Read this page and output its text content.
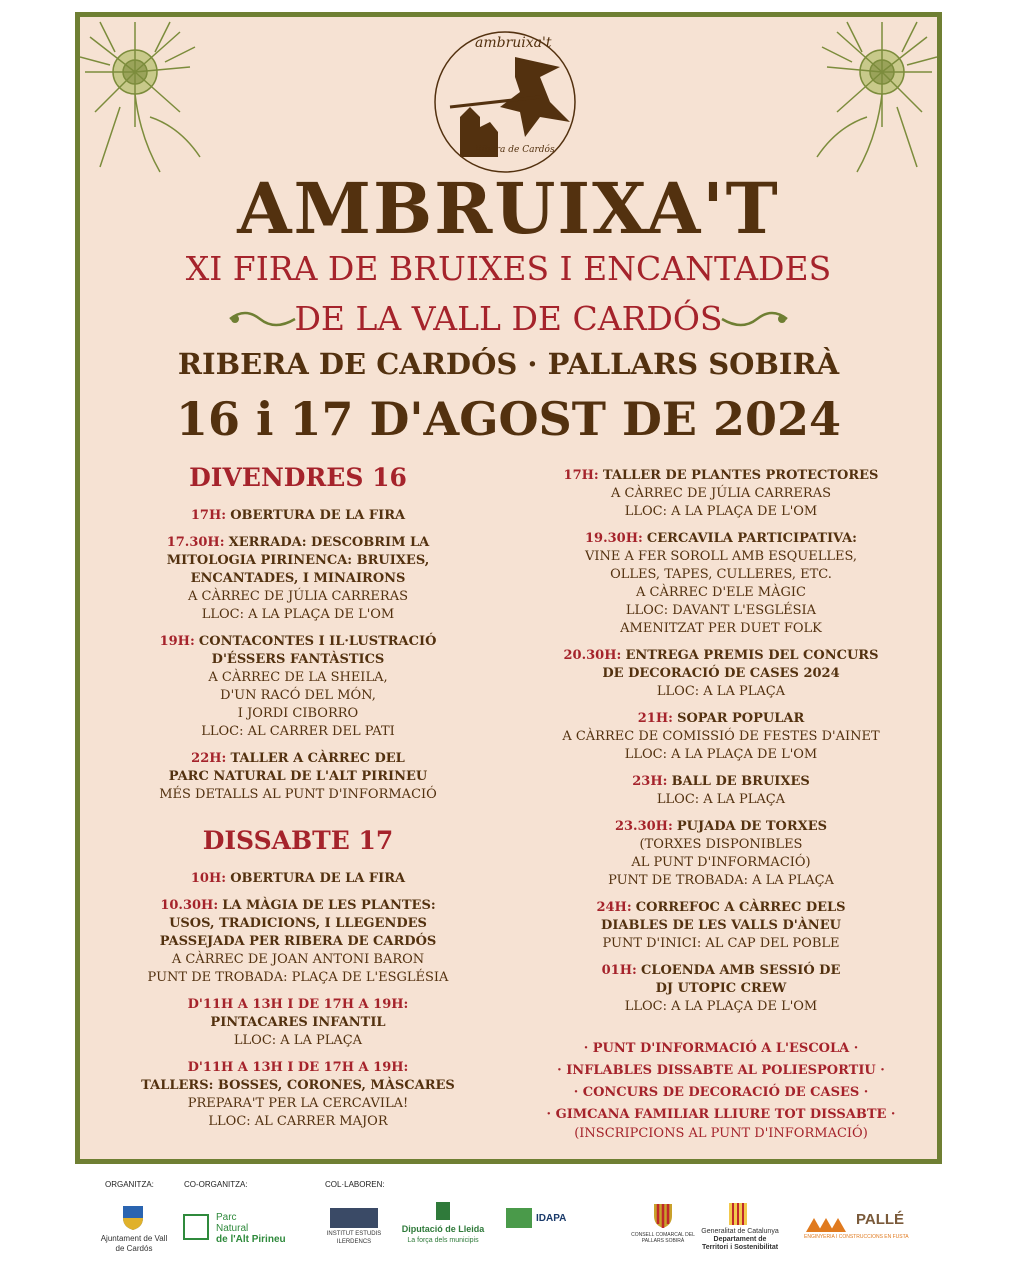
ambruixa't
Ribera de Cardós
AMBRUIXA'T
XI FIRA DE BRUIXES I ENCANTADES
DE LA VALL DE CARDÓS
RIBERA DE CARDÓS · PALLARS SOBIRÀ
16 i 17 D'AGOST DE 2024
DIVENDRES 16
17H: OBERTURA DE LA FIRA
17.30H: XERRADA: DESCOBRIM LA
MITOLOGIA PIRINENCA: BRUIXES,
ENCANTADES, I MINAIRONS
A CÀRREC DE JÚLIA CARRERAS
LLOC: A LA PLAÇA DE L'OM
19H: CONTACONTES I IL·LUSTRACIÓ
D'ÉSSERS FANTÀSTICS
A CÀRREC DE LA SHEILA,
D'UN RACÓ DEL MÓN,
I JORDI CIBORRO
LLOC: AL CARRER DEL PATI
22H: TALLER A CÀRREC DEL
PARC NATURAL DE L'ALT PIRINEU
MÉS DETALLS AL PUNT D'INFORMACIÓ
DISSABTE 17
10H: OBERTURA DE LA FIRA
10.30H: LA MÀGIA DE LES PLANTES:
USOS, TRADICIONS, I LLEGENDES
PASSEJADA PER RIBERA DE CARDÓS
A CÀRREC DE JOAN ANTONI BARON
PUNT DE TROBADA: PLAÇA DE L'ESGLÉSIA
D'11H A 13H I DE 17H A 19H:
PINTACARES INFANTIL
LLOC: A LA PLAÇA
D'11H A 13H I DE 17H A 19H:
TALLERS: BOSSES, CORONES, MÀSCARES
PREPARA'T PER LA CERCAVILA!
LLOC: AL CARRER MAJOR
17H: TALLER DE PLANTES PROTECTORES
A CÀRREC DE JÚLIA CARRERAS
LLOC: A LA PLAÇA DE L'OM
19.30H: CERCAVILA PARTICIPATIVA:
VINE A FER SOROLL AMB ESQUELLES,
OLLES, TAPES, CULLERES, ETC.
A CÀRREC D'ELE MÀGIC
LLOC: DAVANT L'ESGLÉSIA
AMENITZAT PER DUET FOLK
20.30H: ENTREGA PREMIS DEL CONCURS
DE DECORACIÓ DE CASES 2024
LLOC: A LA PLAÇA
21H: SOPAR POPULAR
A CÀRREC DE COMISSIÓ DE FESTES D'AINET
LLOC: A LA PLAÇA DE L'OM
23H: BALL DE BRUIXES
LLOC: A LA PLAÇA
23.30H: PUJADA DE TORXES
(TORXES DISPONIBLES
AL PUNT D'INFORMACIÓ)
PUNT DE TROBADA: A LA PLAÇA
24H: CORREFOC A CÀRREC DELS
DIABLES DE LES VALLS D'ÀNEU
PUNT D'INICI: AL CAP DEL POBLE
01H: CLOENDA AMB SESSIÓ DE
DJ UTOPIC CREW
LLOC: A LA PLAÇA DE L'OM
· PUNT D'INFORMACIÓ A L'ESCOLA ·
· INFLABLES DISSABTE AL POLIESPORTIU ·
· CONCURS DE DECORACIÓ DE CASES ·
· GIMCANA FAMILIAR LLIURE TOT DISSABTE ·
(INSCRIPCIONS AL PUNT D'INFORMACIÓ)
ORGANITZA:	CO-ORGANITZA:	COL·LABOREN:
Ajuntament de Vall de Cardós
Parc
Natural
de l'Alt Pirineu	INSTITUT ESTUDIS ILERDENCS
Diputació de Lleida
La força dels municipis
IDAPA
CONSELL COMARCAL DEL PALLARS SOBIRÀ
Generalitat de Catalunya
Departament de Territori i Sostenibilitat
PALLÉ
ENGINYERIA I CONSTRUCCIONS EN FUSTA
